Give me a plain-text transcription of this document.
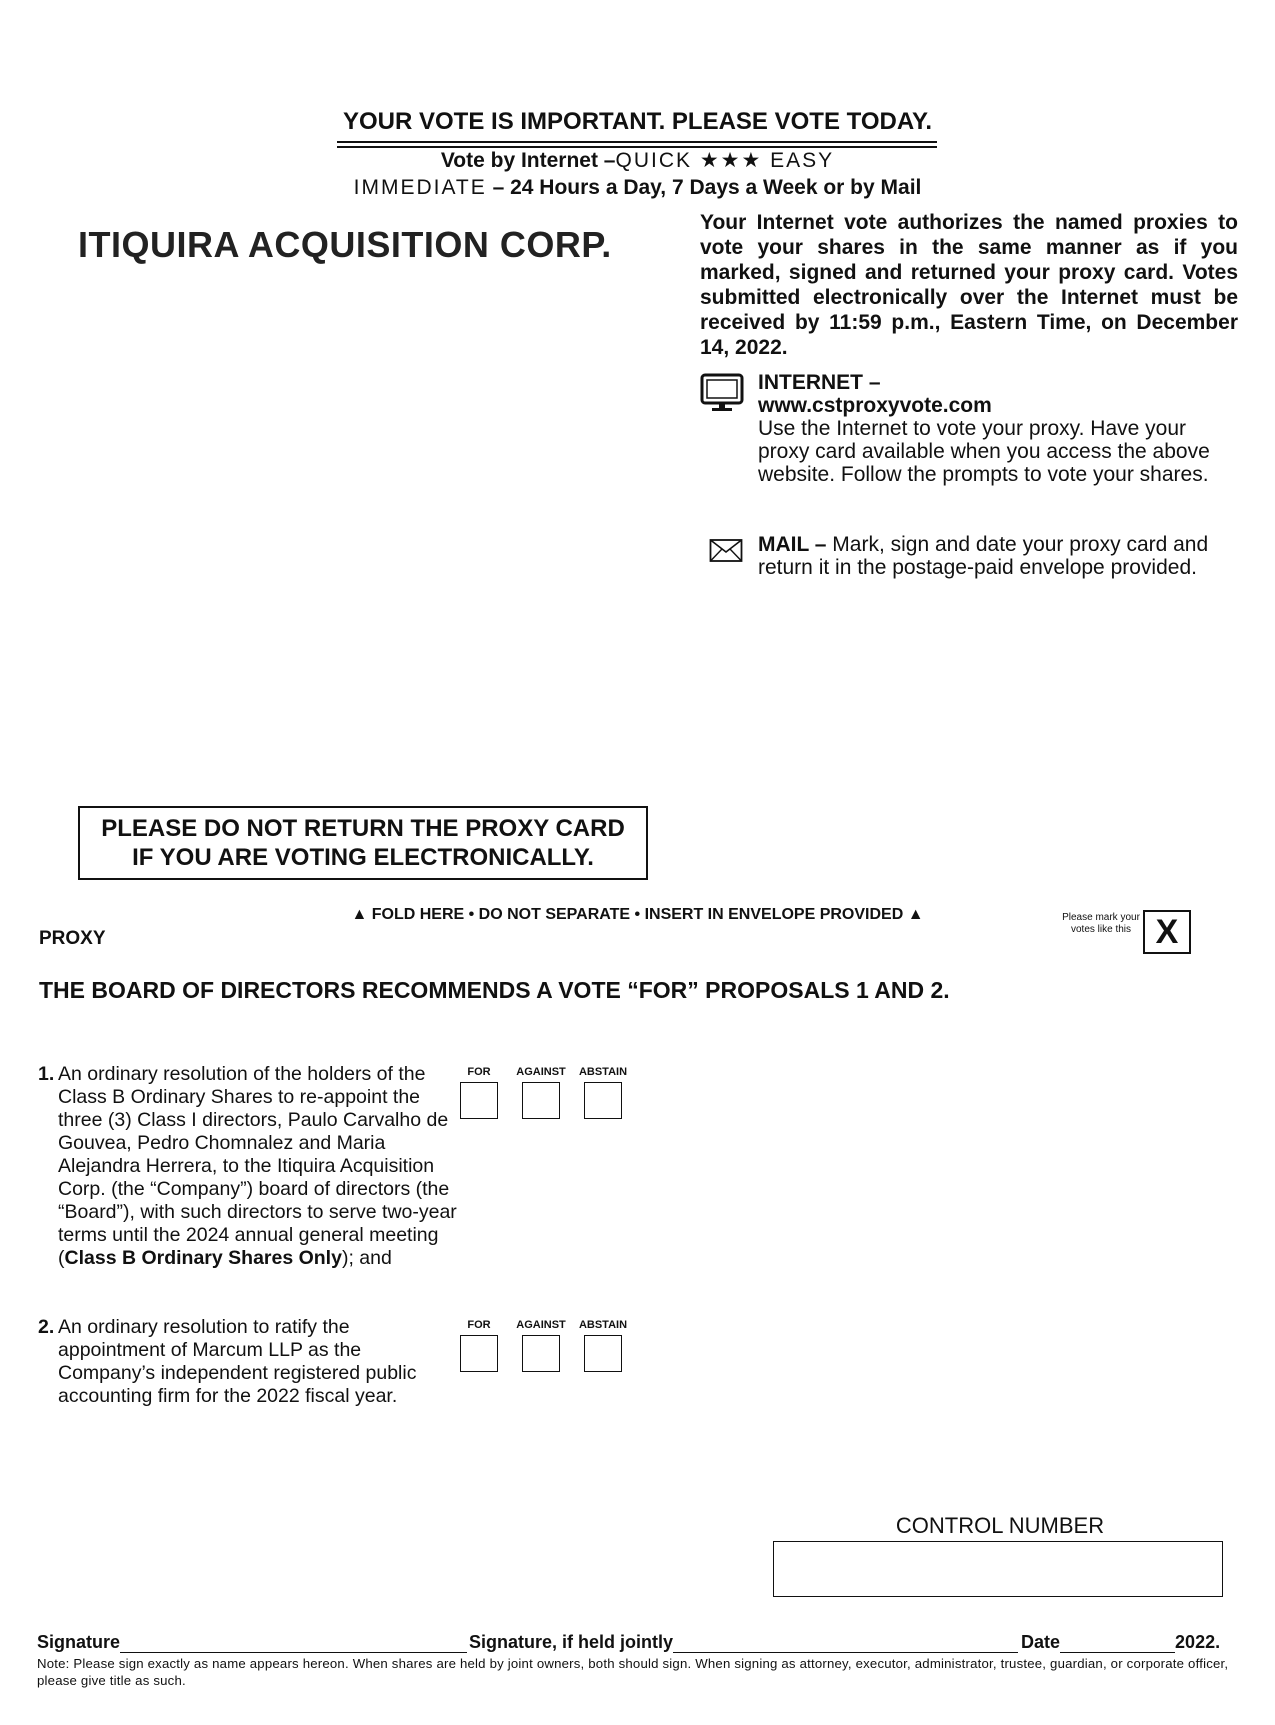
YOUR VOTE IS IMPORTANT. PLEASE VOTE TODAY.
Vote by Internet –QUICK ★★★ EASY
IMMEDIATE – 24 Hours a Day, 7 Days a Week or by Mail
ITIQUIRA ACQUISITION CORP.
Your Internet vote authorizes the named proxies to vote your shares in the same manner as if you marked, signed and returned your proxy card. Votes submitted electronically over the Internet must be received by 11:59 p.m., Eastern Time, on December 14, 2022.
INTERNET –
www.cstproxyvote.com
Use the Internet to vote your proxy. Have your proxy card available when you access the above website. Follow the prompts to vote your shares.
MAIL – Mark, sign and date your proxy card and return it in the postage-paid envelope provided.
PLEASE DO NOT RETURN THE PROXY CARD
IF YOU ARE VOTING ELECTRONICALLY.
▲ FOLD HERE • DO NOT SEPARATE • INSERT IN ENVELOPE PROVIDED ▲
PROXY
Please mark your votes like this X
THE BOARD OF DIRECTORS RECOMMENDS A VOTE “FOR” PROPOSALS 1 AND 2.
1. An ordinary resolution of the holders of the Class B Ordinary Shares to re-appoint the three (3) Class I directors, Paulo Carvalho de Gouvea, Pedro Chomnalez and Maria Alejandra Herrera, to the Itiquira Acquisition Corp. (the “Company”) board of directors (the “Board”), with such directors to serve two-year terms until the 2024 annual general meeting (Class B Ordinary Shares Only); and
FOR	AGAINST ABSTAIN
2. An ordinary resolution to ratify the appointment of Marcum LLP as the Company’s independent registered public accounting firm for the 2022 fiscal year.
FOR	AGAINST ABSTAIN
CONTROL NUMBER
Signature	Signature, if held jointly	Date	2022.
Note: Please sign exactly as name appears hereon. When shares are held by joint owners, both should sign. When signing as attorney, executor, administrator, trustee, guardian, or corporate officer, please give title as such.
